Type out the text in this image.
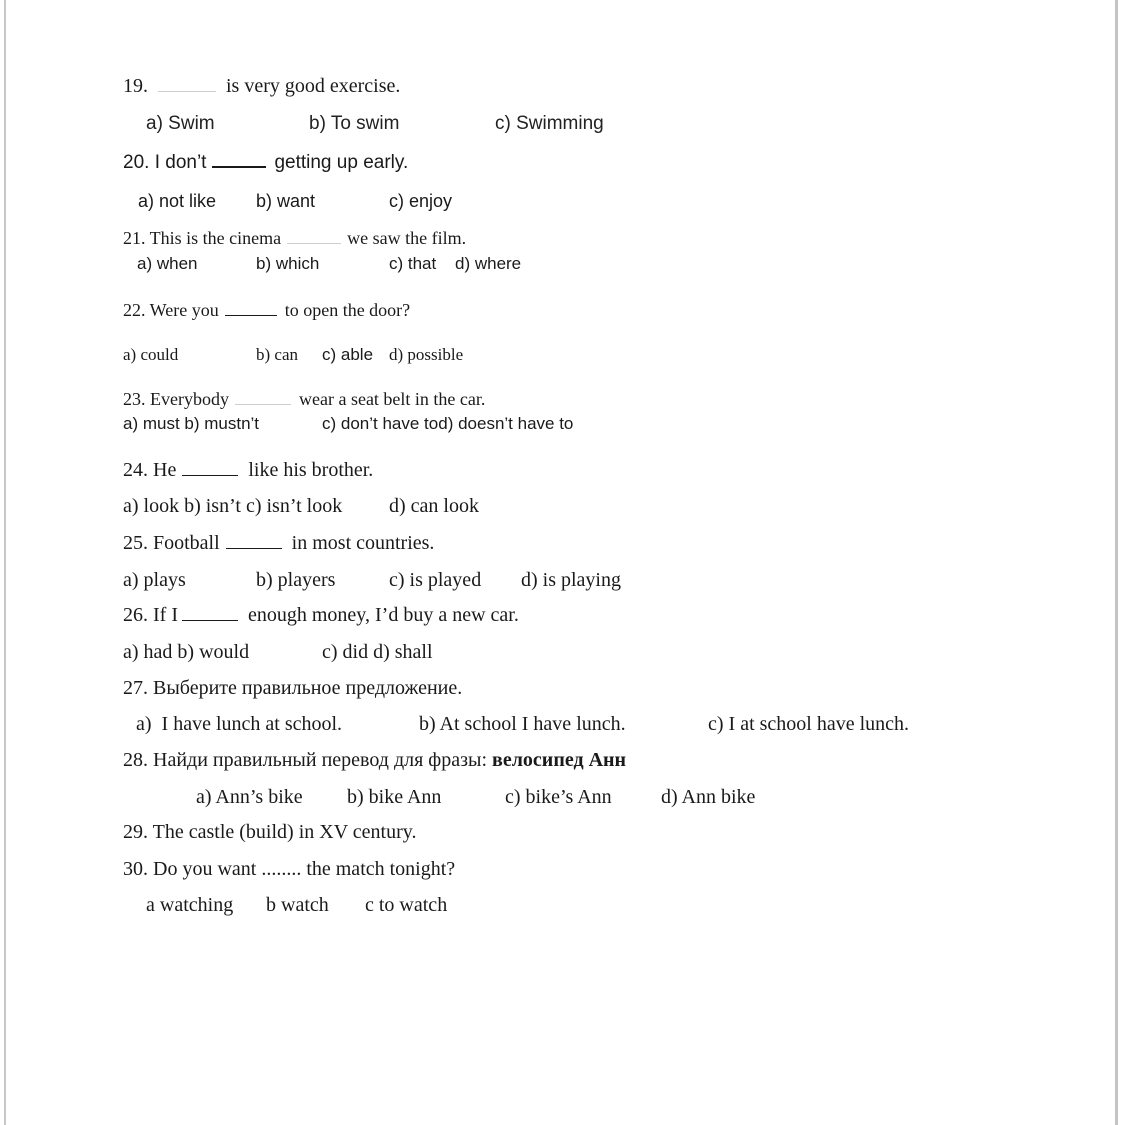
19.	is very good exercise.
a) Swim	b) To swim	c) Swimming
20. I don’t	getting up early.
a) not like b) want	c) enjoy
21. This is the cinema	we saw the film.
a) when	b) which	c) that d) where
22. Were you	to open the door?
a) could	b) can c) able d) possible
23. Everybody	wear a seat belt in the car.
a) must b) mustn’t	c) don’t have tod) doesn’t have to
24. He	like his brother.
a) look b) isn’t c) isn’t look d) can look
25. Football	in most countries.
a) plays	b) players	c) is played d) is playing
26. If I	enough money, I’d buy a new car.
a) had b) would	c) did d) shall
27. Выберите правильное предложение.
a)  I have lunch at school.	b) At school I have lunch.	c) I at school have lunch.
28. Найди правильный перевод для фразы: велосипед Анн
a) Ann’s bike b) bike Ann	c) bike’s Ann d) Ann bike
29. The castle (build) in XV century.
30. Do you want ........ the match tonight?
a watching b watch c to watch
